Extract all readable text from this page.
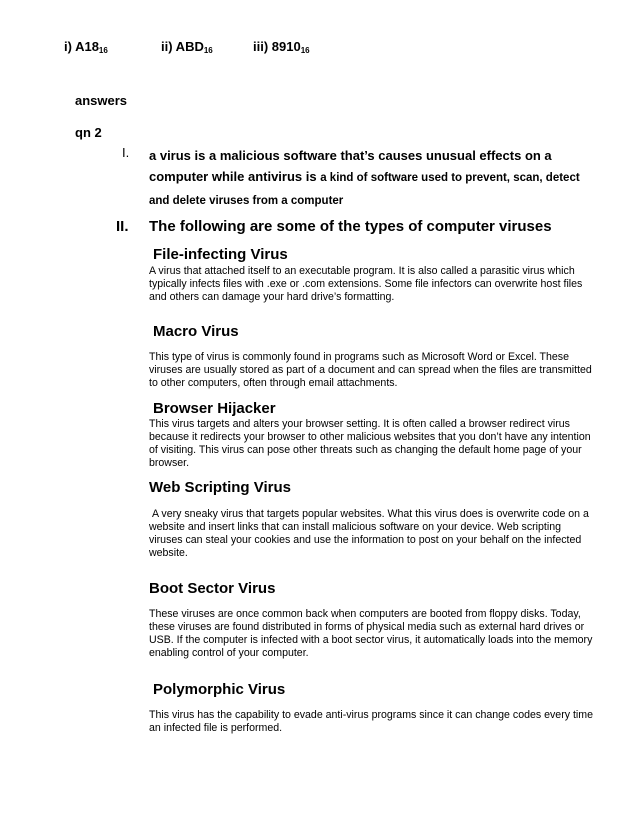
i) $A18_{16}$	ii) $ABD_{16}$	iii) $8910_{16}$
answers
qn 2
I. a virus is a malicious software that’s causes unusual effects on a computer while antivirus is a kind of software used to prevent, scan, detect and delete viruses from a computer
II. The following are some of the types of computer viruses

File-infecting Virus

A virus that attached itself to an executable program. It is also called a parasitic virus which typically infects files with .exe or .com extensions. Some file infectors can overwrite host files and others can damage your hard drive’s formatting.

Macro Virus

This type of virus is commonly found in programs such as Microsoft Word or Excel. These viruses are usually stored as part of a document and can spread when the files are transmitted to other computers, often through email attachments.

Browser Hijacker

This virus targets and alters your browser setting. It is often called a browser redirect virus because it redirects your browser to other malicious websites that you don’t have any intention of visiting. This virus can pose other threats such as changing the default home page of your browser.

Web Scripting Virus

A very sneaky virus that targets popular websites. What this virus does is overwrite code on a website and insert links that can install malicious software on your device. Web scripting viruses can steal your cookies and use the information to post on your behalf on the infected website.

Boot Sector Virus

These viruses are once common back when computers are booted from floppy disks. Today, these viruses are found distributed in forms of physical media such as external hard drives or USB. If the computer is infected with a boot sector virus, it automatically loads into the memory enabling control of your computer.

Polymorphic Virus

This virus has the capability to evade anti-virus programs since it can change codes every time an infected file is performed.
